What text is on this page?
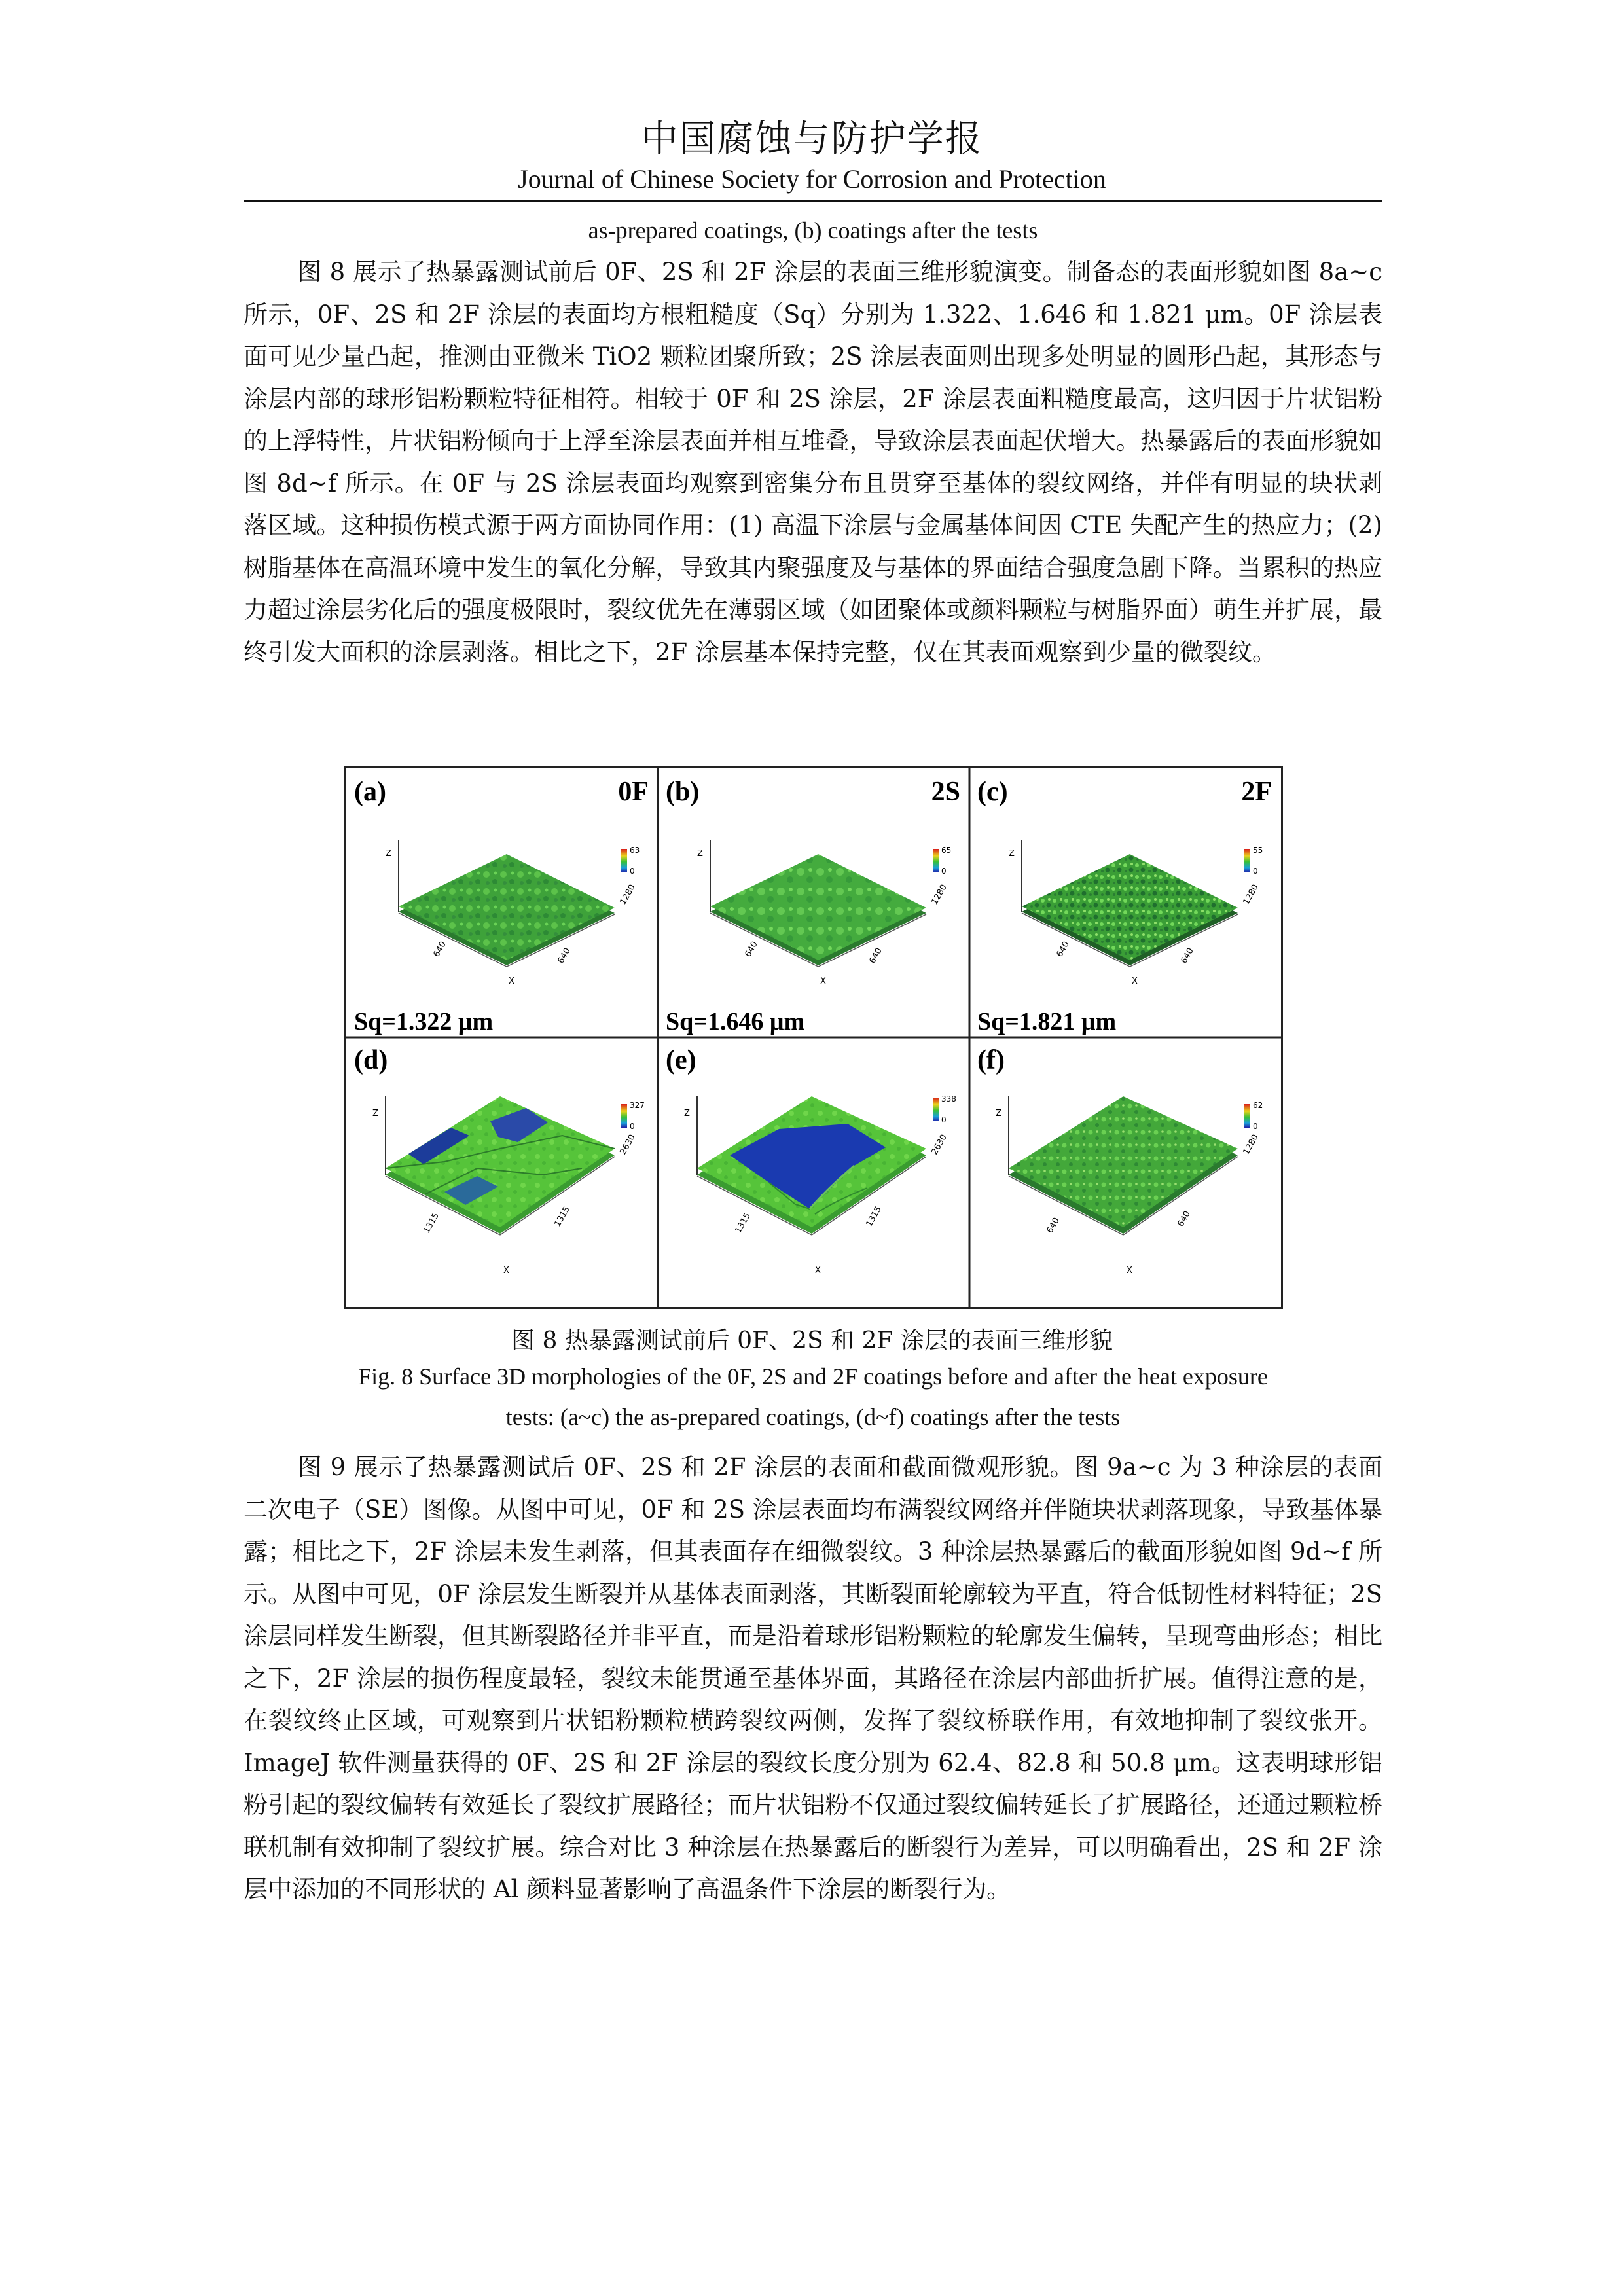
中国腐蚀与防护学报
Journal of Chinese Society for Corrosion and Protection
as-prepared coatings, (b) coatings after the tests

图 8 展示了热暴露测试前后 0F、2S 和 2F 涂层的表面三维形貌演变。制备态的表面形貌如图 8a~c 所示，0F、2S 和 2F 涂层的表面均方根粗糙度（Sq）分别为 1.322、1.646 和 1.821 μm。0F 涂层表面可见少量凸起，推测由亚微米 TiO2 颗粒团聚所致；2S 涂层表面则出现多处明显的圆形凸起，其形态与涂层内部的球形铝粉颗粒特征相符。相较于 0F 和 2S 涂层，2F 涂层表面粗糙度最高，这归因于片状铝粉的上浮特性，片状铝粉倾向于上浮至涂层表面并相互堆叠，导致涂层表面起伏增大。热暴露后的表面形貌如图 8d~f 所示。在 0F 与 2S 涂层表面均观察到密集分布且贯穿至基体的裂纹网络，并伴有明显的块状剥落区域。这种损伤模式源于两方面协同作用：(1) 高温下涂层与金属基体间因 CTE 失配产生的热应力；(2) 树脂基体在高温环境中发生的氧化分解，导致其内聚强度及与基体的界面结合强度急剧下降。当累积的热应力超过涂层劣化后的强度极限时，裂纹优先在薄弱区域（如团聚体或颜料颗粒与树脂界面）萌生并扩展，最终引发大面积的涂层剥落。相比之下，2F 涂层基本保持完整，仅在其表面观察到少量的微裂纹。

(a)	0F
Z
640	640
1280
X
63
0
Sq=1.322 μm
(b)	2S
Z
640	640
1280
X
65
0
Sq=1.646 μm
(c)	2F
Z
640	640
1280
X
55
0
Sq=1.821 μm
(d)
Z
1315	1315
2630
X
327
0
(e)
Z
1315	1315
2630
X
338
0
(f)
Z
640	640
1280
X
62
0
图 8 热暴露测试前后 0F、2S 和 2F 涂层的表面三维形貌
Fig. 8 Surface 3D morphologies of the 0F, 2S and 2F coatings before and after the heat exposure
tests: (a~c) the as-prepared coatings, (d~f) coatings after the tests

图 9 展示了热暴露测试后 0F、2S 和 2F 涂层的表面和截面微观形貌。图 9a~c 为 3 种涂层的表面二次电子（SE）图像。从图中可见，0F 和 2S 涂层表面均布满裂纹网络并伴随块状剥落现象，导致基体暴露；相比之下，2F 涂层未发生剥落，但其表面存在细微裂纹。3 种涂层热暴露后的截面形貌如图 9d~f 所示。从图中可见，0F 涂层发生断裂并从基体表面剥落，其断裂面轮廓较为平直，符合低韧性材料特征；2S 涂层同样发生断裂，但其断裂路径并非平直，而是沿着球形铝粉颗粒的轮廓发生偏转，呈现弯曲形态；相比之下，2F 涂层的损伤程度最轻，裂纹未能贯通至基体界面，其路径在涂层内部曲折扩展。值得注意的是，在裂纹终止区域，可观察到片状铝粉颗粒横跨裂纹两侧，发挥了裂纹桥联作用，有效地抑制了裂纹张开。ImageJ 软件测量获得的 0F、2S 和 2F 涂层的裂纹长度分别为 62.4、82.8 和 50.8 μm。这表明球形铝粉引起的裂纹偏转有效延长了裂纹扩展路径；而片状铝粉不仅通过裂纹偏转延长了扩展路径，还通过颗粒桥联机制有效抑制了裂纹扩展。综合对比 3 种涂层在热暴露后的断裂行为差异，可以明确看出，2S 和 2F 涂层中添加的不同形状的 Al 颜料显著影响了高温条件下涂层的断裂行为。
